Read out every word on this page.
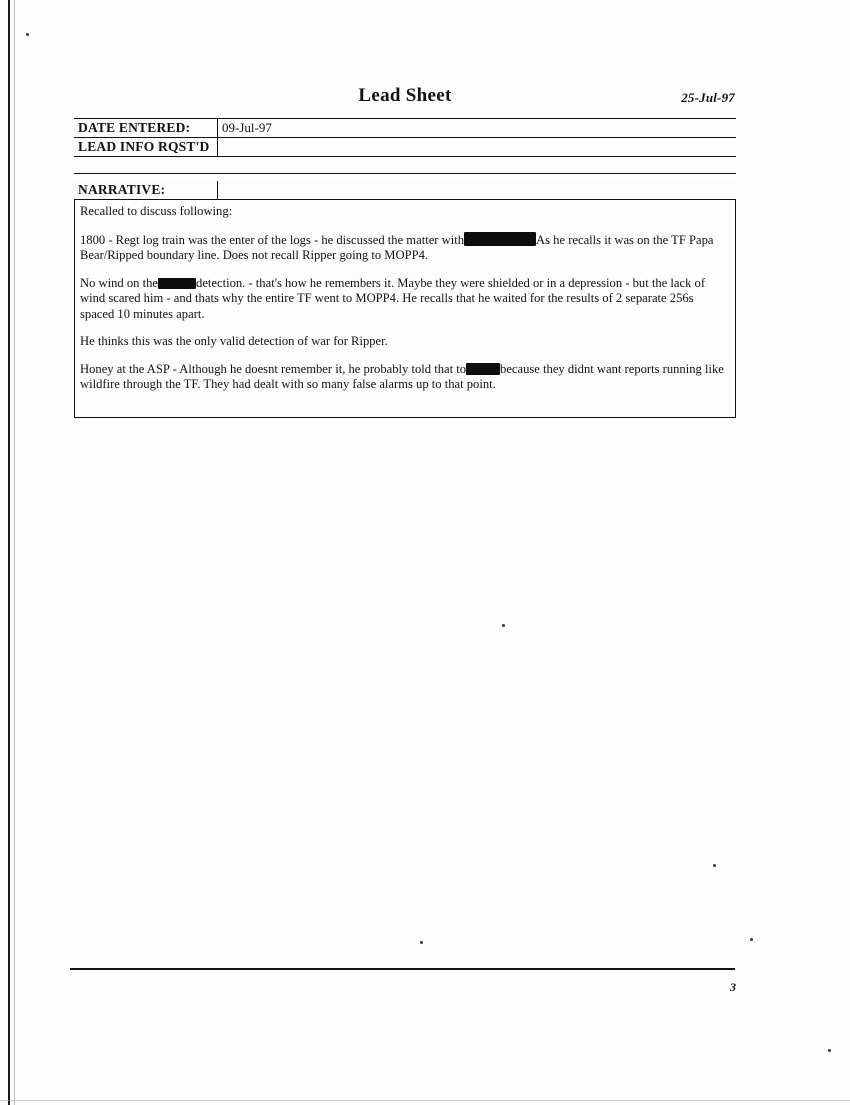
Lead Sheet	25-Jul-97
DATE ENTERED:	09-Jul-97
LEAD INFO RQST'D
NARRATIVE:

Recalled to discuss following:

1800 - Regt log train was the enter of the logs - he discussed the matter with	As he recalls it was on the TF Papa Bear/Ripped boundary line. Does not recall Ripper going to MOPP4.

No wind on the	detection. - that's how he remembers it. Maybe they were shielded or in a depression - but the lack of wind scared him - and thats why the entire TF went to MOPP4. He recalls that he waited for the results of 2 separate 256s spaced 10 minutes apart.

He thinks this was the only valid detection of war for Ripper.

Honey at the ASP - Although he doesnt remember it, he probably told that to	because they didnt want reports running like wildfire through the TF. They had dealt with so many false alarms up to that point.

3
